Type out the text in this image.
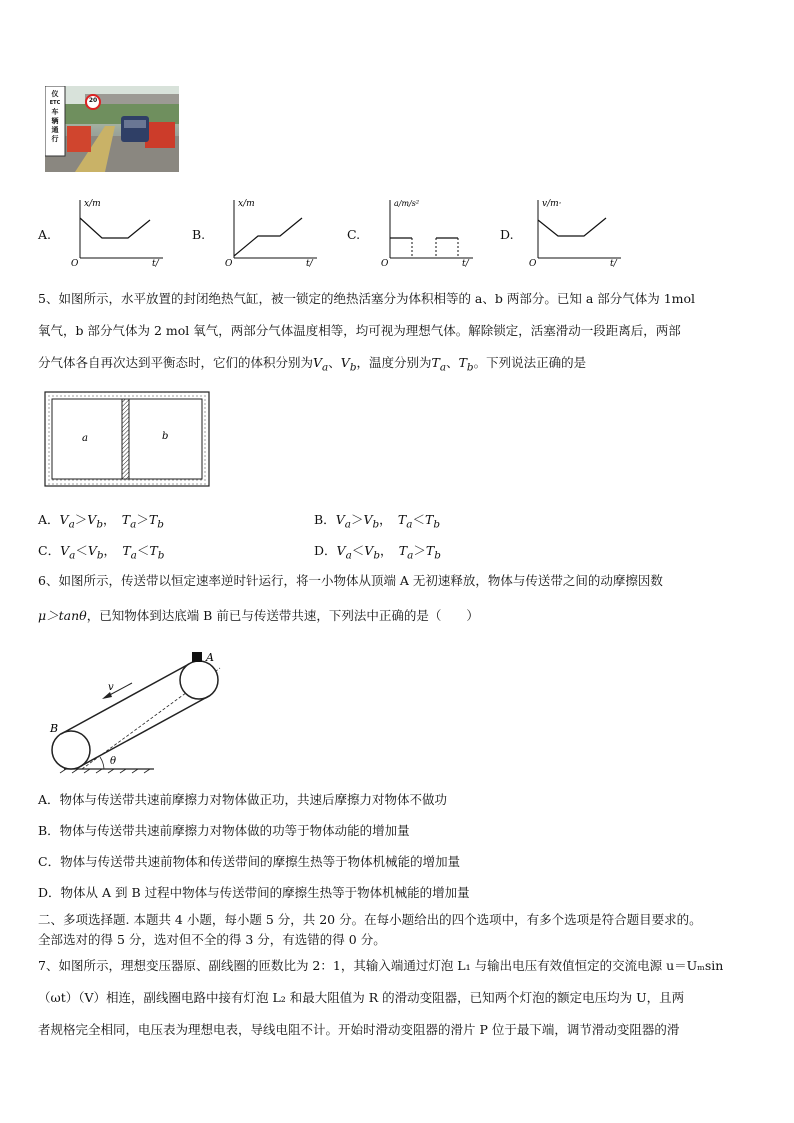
仪
ETC
车
辆
通
行
20
A.
x/m
t/
O
B.
x/m
t/
O
C.
a/m/s²
t/
O
D.
v/m·
t/
O
5、如图所示，水平放置的封闭绝热气缸，被一锁定的绝热活塞分为体积相等的 a、b 两部分。已知 a 部分气体为 1mol
氧气，b 部分气体为 2 mol 氧气，两部分气体温度相等，均可视为理想气体。解除锁定，活塞滑动一段距离后，两部
分气体各自再次达到平衡态时，它们的体积分别为$V_a$、$V_b$，温度分别为$T_a$、$T_b$。下列说法正确的是
a	b
A．$V_a>V_b$，　$T_a>T_b$	B．$V_a>V_b$，　$T_a<T_b$
C．$V_a<V_b$，　$T_a<T_b$	D．$V_a<V_b$，　$T_a>T_b$
6、如图所示，传送带以恒定速率逆时针运行，将一小物体从顶端 A 无初速释放，物体与传送带之间的动摩擦因数
μ＞tanθ，已知物体到达底端 B 前已与传送带共速，下列法中正确的是（　　）
A
B
v
θ
A．物体与传送带共速前摩擦力对物体做正功，共速后摩擦力对物体不做功
B．物体与传送带共速前摩擦力对物体做的功等于物体动能的增加量
C．物体与传送带共速前物体和传送带间的摩擦生热等于物体机械能的增加量
D．物体从 A 到 B 过程中物体与传送带间的摩擦生热等于物体机械能的增加量
二、多项选择题. 本题共 4 小题，每小题 5 分，共 20 分。在每小题给出的四个选项中，有多个选项是符合题目要求的。
全部选对的得 5 分，选对但不全的得 3 分，有选错的得 0 分。
7、如图所示，理想变压器原、副线圈的匝数比为 2：1，其输入端通过灯泡 L₁ 与输出电压有效值恒定的交流电源 u＝Uₘsin
（ωt）（V）相连，副线圈电路中接有灯泡 L₂ 和最大阻值为 R 的滑动变阻器，已知两个灯泡的额定电压均为 U，且两
者规格完全相同，电压表为理想电表，导线电阻不计。开始时滑动变阻器的滑片 P 位于最下端，调节滑动变阻器的滑
